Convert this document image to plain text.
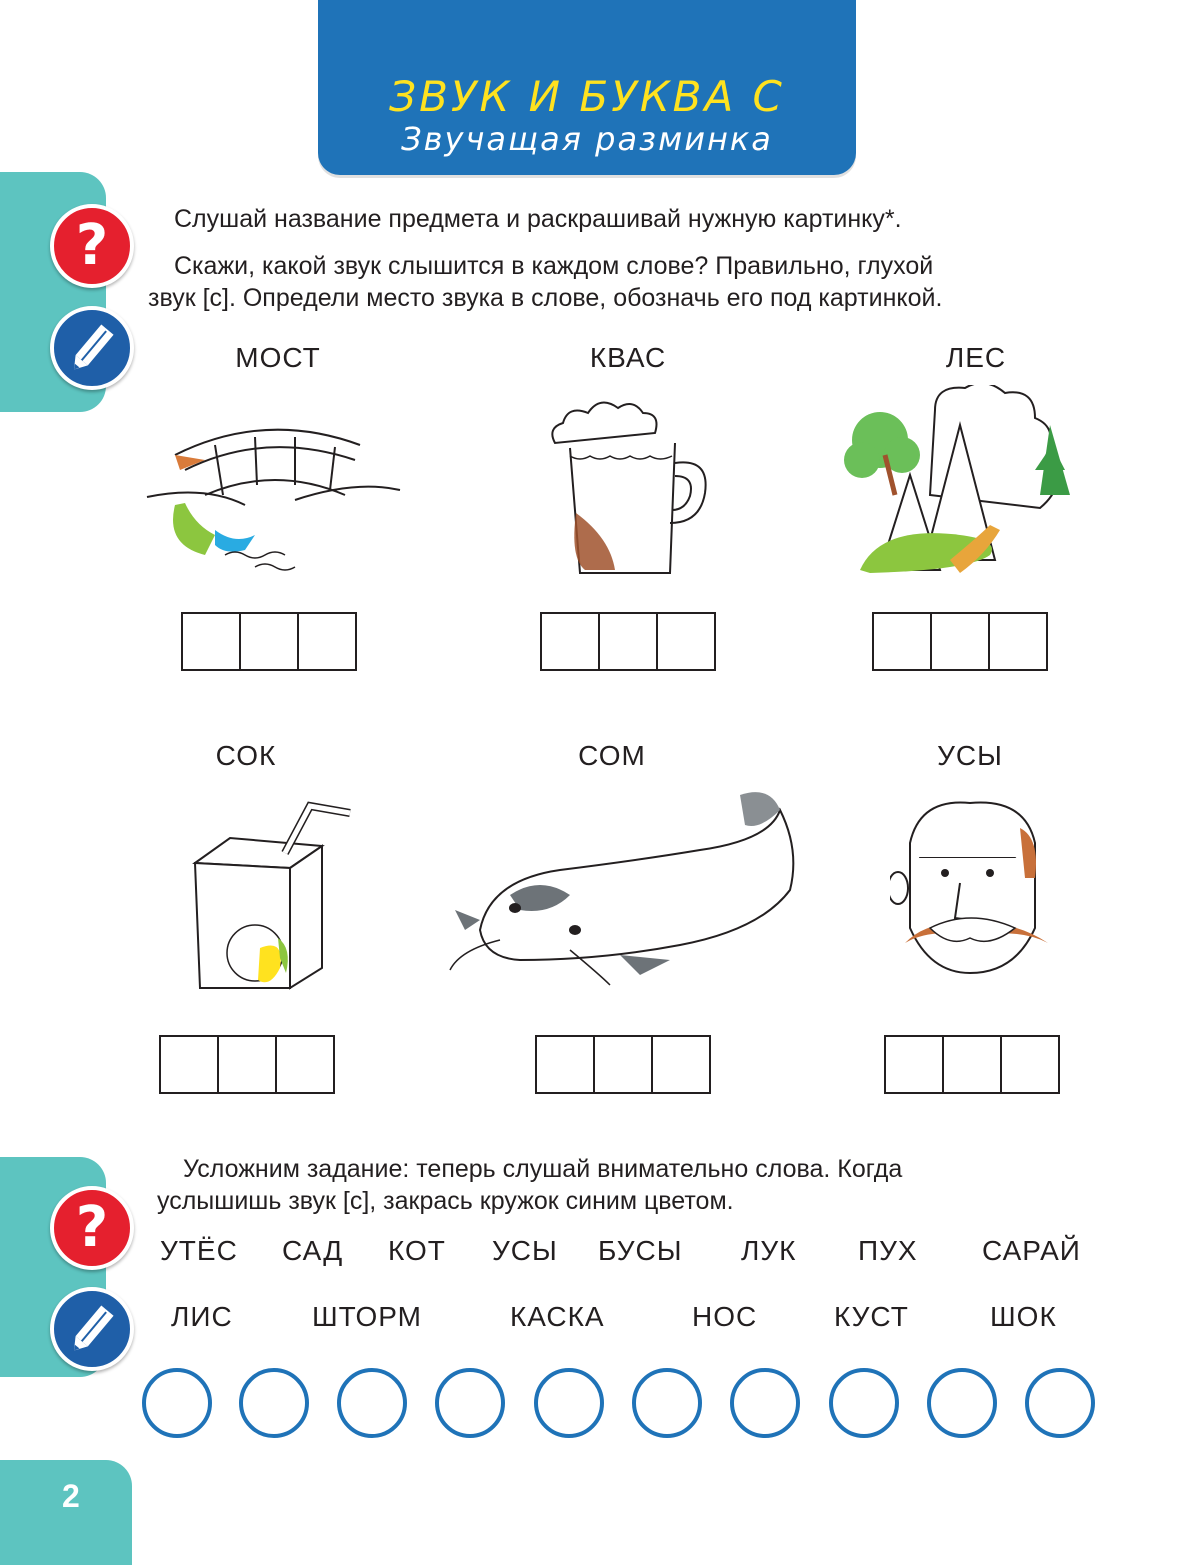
ЗВУК И БУКВА С
Звучащая разминка
?	Слушай название предмета и раскрашивай нужную картинку*.
Скажи, какой звук слышится в каждом слове? Правильно, глухой
звук [с]. Определи место звука в слове, обозначь его под картинкой.
МОСТ	КВАС	ЛЕС
СОК	СОМ	УСЫ
?
Усложним задание: теперь слушай внимательно слова. Когда
услышишь звук [с], закрась кружок синим цветом.
УТЁС САД КОТ УСЫ БУСЫ ЛУК ПУХ САРАЙ
ЛИС	ШТОРМ	КАСКА	НОС	КУСТ	ШОК
2
